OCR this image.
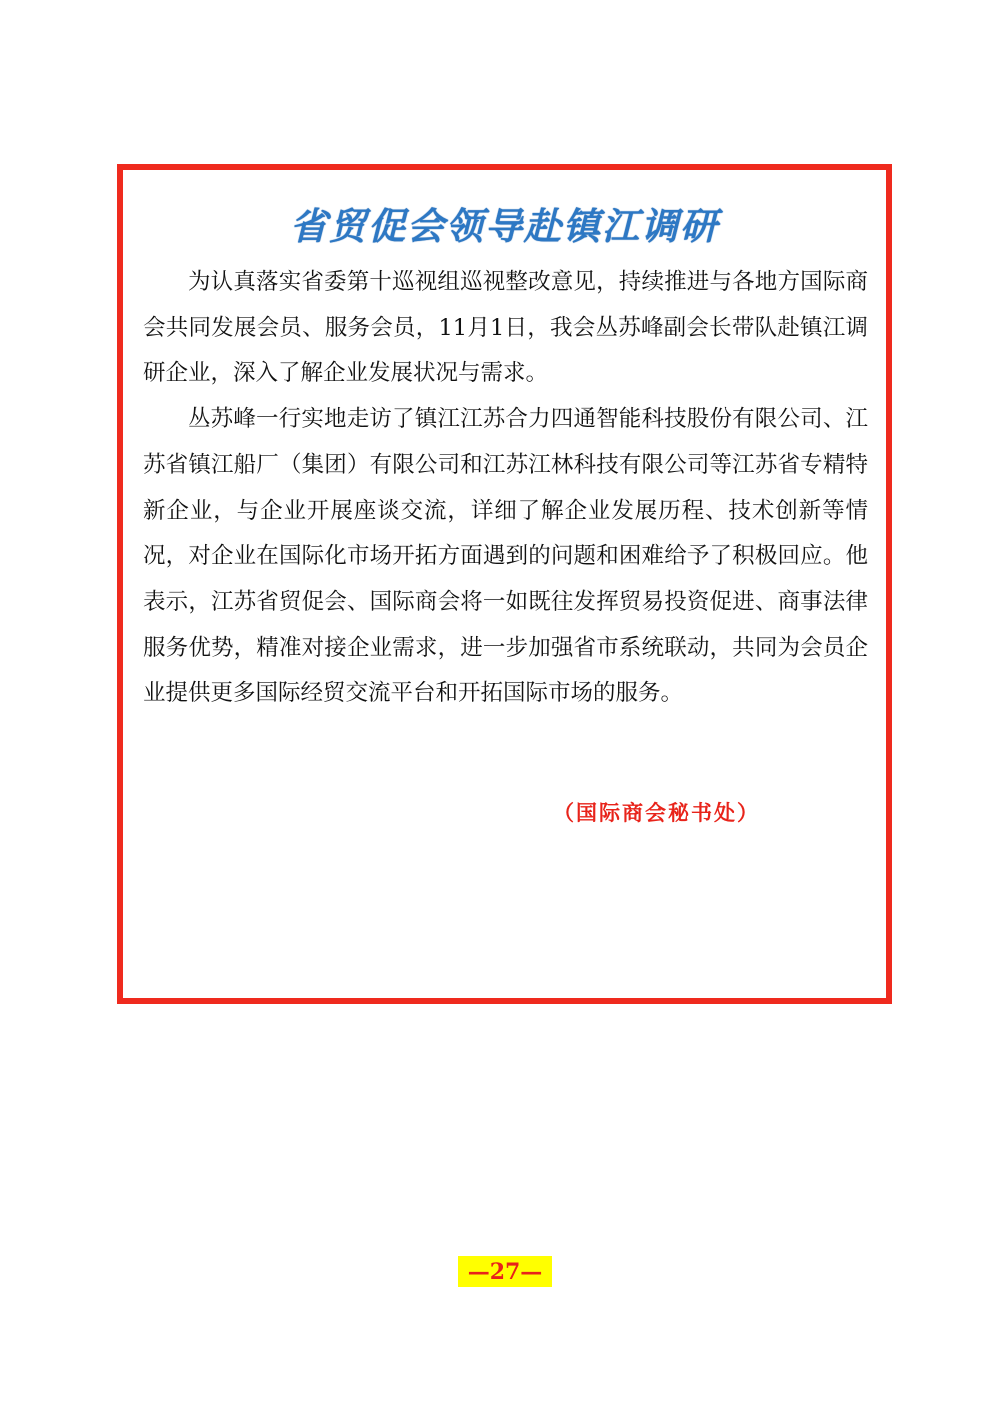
省贸促会领导赴镇江调研

为认真落实省委第十巡视组巡视整改意见，持续推进与各地方国际商会共同发展会员、服务会员，11月1日，我会丛苏峰副会长带队赴镇江调研企业，深入了解企业发展状况与需求。

丛苏峰一行实地走访了镇江江苏合力四通智能科技股份有限公司、江苏省镇江船厂（集团）有限公司和江苏江林科技有限公司等江苏省专精特新企业，与企业开展座谈交流，详细了解企业发展历程、技术创新等情况，对企业在国际化市场开拓方面遇到的问题和困难给予了积极回应。他表示，江苏省贸促会、国际商会将一如既往发挥贸易投资促进、商事法律服务优势，精准对接企业需求，进一步加强省市系统联动，共同为会员企业提供更多国际经贸交流平台和开拓国际市场的服务。

（国际商会秘书处）
—27—
